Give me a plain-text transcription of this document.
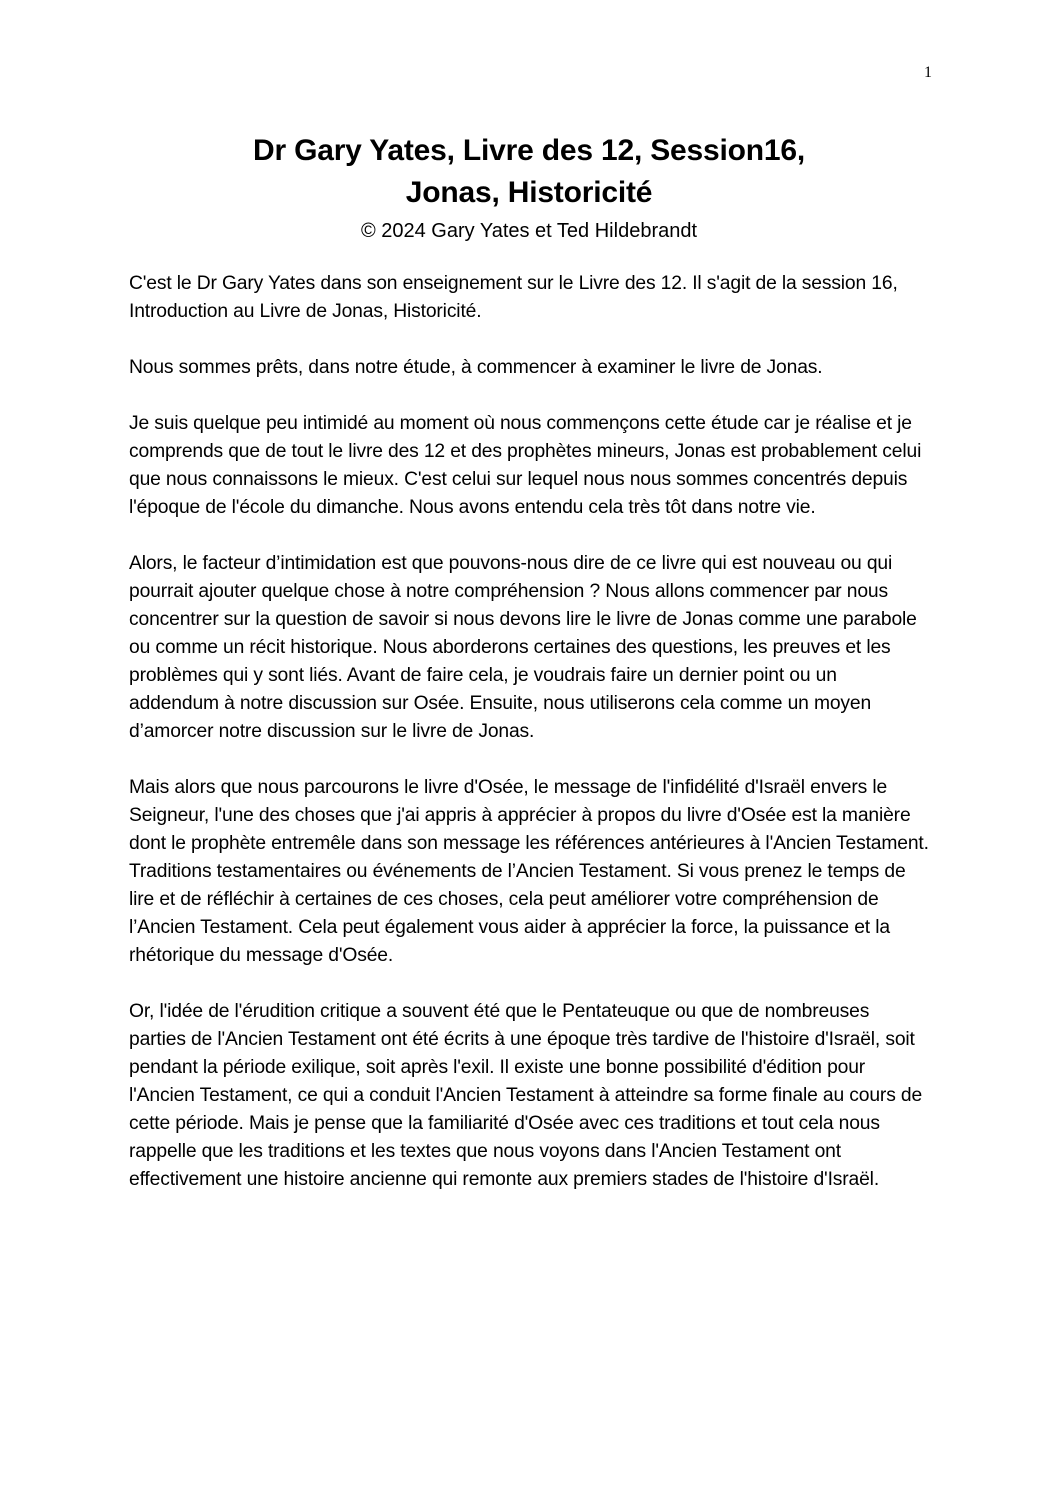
1
Dr Gary Yates, Livre des 12, Session16,
Jonas, Historicité
© 2024 Gary Yates et Ted Hildebrandt

C'est le Dr Gary Yates dans son enseignement sur le Livre des 12. Il s'agit de la session 16, Introduction au Livre de Jonas, Historicité.

Nous sommes prêts, dans notre étude, à commencer à examiner le livre de Jonas.

Je suis quelque peu intimidé au moment où nous commençons cette étude car je réalise et je comprends que de tout le livre des 12 et des prophètes mineurs, Jonas est probablement celui que nous connaissons le mieux. C'est celui sur lequel nous nous sommes concentrés depuis l'époque de l'école du dimanche. Nous avons entendu cela très tôt dans notre vie.

Alors, le facteur d’intimidation est que pouvons-nous dire de ce livre qui est nouveau ou qui pourrait ajouter quelque chose à notre compréhension ? Nous allons commencer par nous concentrer sur la question de savoir si nous devons lire le livre de Jonas comme une parabole ou comme un récit historique. Nous aborderons certaines des questions, les preuves et les problèmes qui y sont liés. Avant de faire cela, je voudrais faire un dernier point ou un addendum à notre discussion sur Osée. Ensuite, nous utiliserons cela comme un moyen d’amorcer notre discussion sur le livre de Jonas.

Mais alors que nous parcourons le livre d'Osée, le message de l'infidélité d'Israël envers le Seigneur, l'une des choses que j'ai appris à apprécier à propos du livre d'Osée est la manière dont le prophète entremêle dans son message les références antérieures à l'Ancien Testament. Traditions testamentaires ou événements de l’Ancien Testament. Si vous prenez le temps de lire et de réfléchir à certaines de ces choses, cela peut améliorer votre compréhension de l’Ancien Testament. Cela peut également vous aider à apprécier la force, la puissance et la rhétorique du message d'Osée.

Or, l'idée de l'érudition critique a souvent été que le Pentateuque ou que de nombreuses parties de l'Ancien Testament ont été écrits à une époque très tardive de l'histoire d'Israël, soit pendant la période exilique, soit après l'exil. Il existe une bonne possibilité d'édition pour l'Ancien Testament, ce qui a conduit l'Ancien Testament à atteindre sa forme finale au cours de cette période. Mais je pense que la familiarité d'Osée avec ces traditions et tout cela nous rappelle que les traditions et les textes que nous voyons dans l'Ancien Testament ont effectivement une histoire ancienne qui remonte aux premiers stades de l'histoire d'Israël.
